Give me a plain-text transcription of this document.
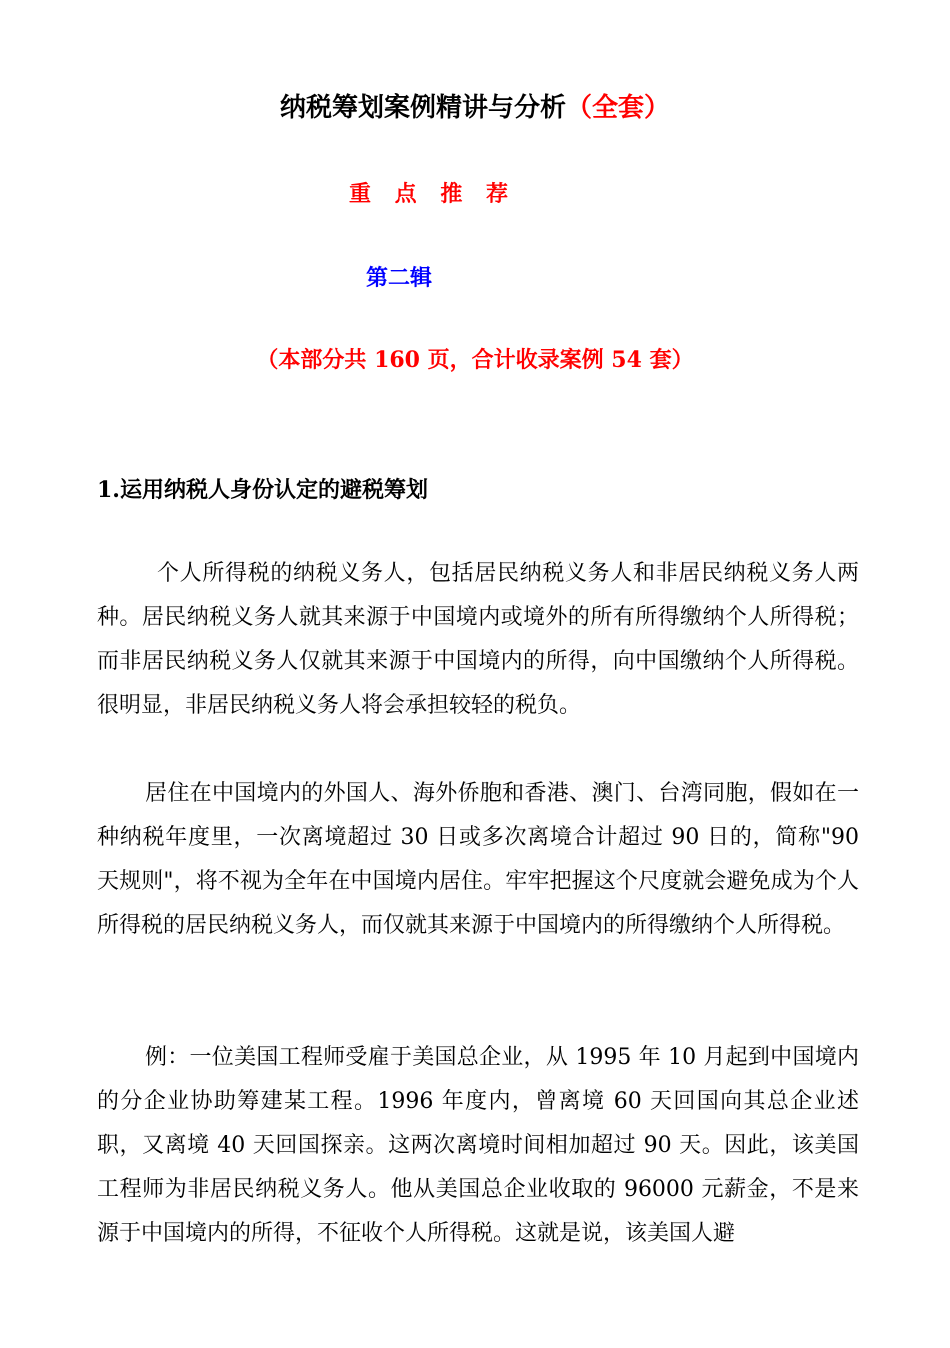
纳税筹划案例精讲与分析（全套）
重 点 推 荐
第二辑
（本部分共 160 页，合计收录案例 54 套）
1.运用纳税人身份认定的避税筹划

个人所得税的纳税义务人，包括居民纳税义务人和非居民纳税义务人两种。居民纳税义务人就其来源于中国境内或境外的所有所得缴纳个人所得税；而非居民纳税义务人仅就其来源于中国境内的所得，向中国缴纳个人所得税。很明显，非居民纳税义务人将会承担较轻的税负。

居住在中国境内的外国人、海外侨胞和香港、澳门、台湾同胞，假如在一种纳税年度里，一次离境超过 30 日或多次离境合计超过 90 日的，简称"90 天规则"，将不视为全年在中国境内居住。牢牢把握这个尺度就会避免成为个人所得税的居民纳税义务人，而仅就其来源于中国境内的所得缴纳个人所得税。

例：一位美国工程师受雇于美国总企业，从 1995 年 10 月起到中国境内的分企业协助筹建某工程。1996 年度内，曾离境 60 天回国向其总企业述职，又离境 40 天回国探亲。这两次离境时间相加超过 90 天。因此，该美国工程师为非居民纳税义务人。他从美国总企业收取的 96000 元薪金，不是来源于中国境内的所得，不征收个人所得税。这就是说，该美国人避
